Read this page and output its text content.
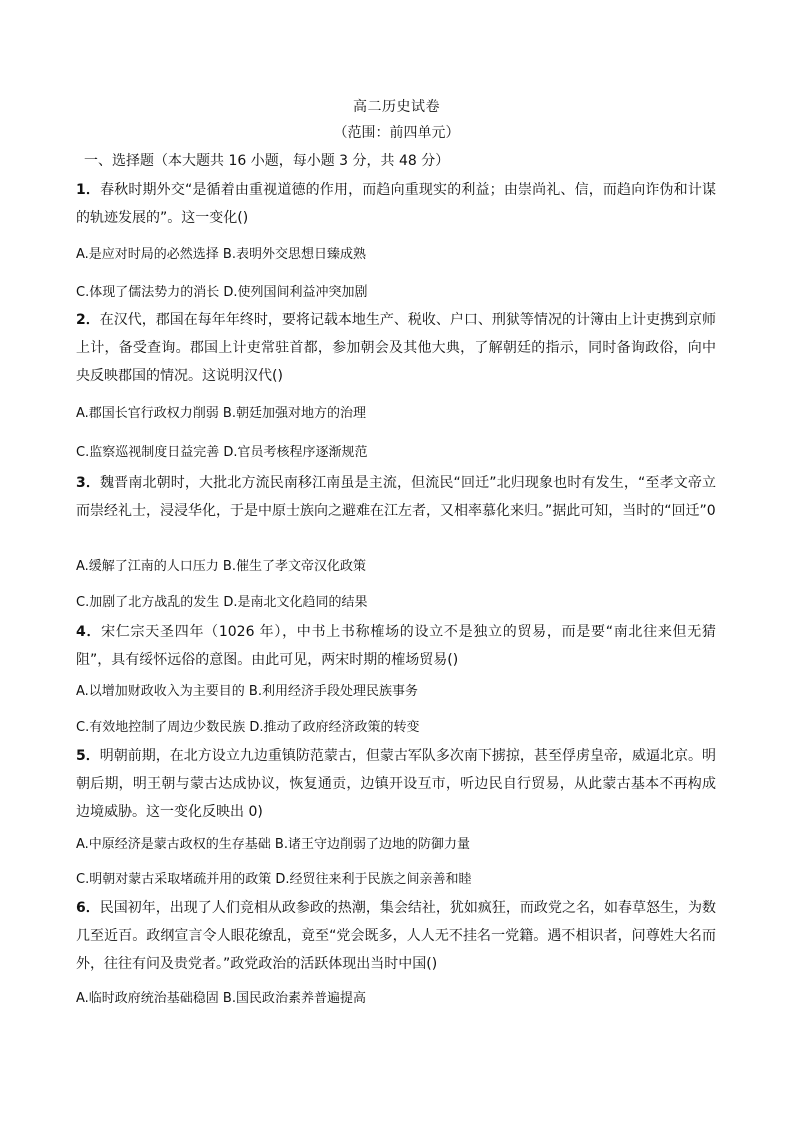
高二历史试卷
（范围：前四单元）
一、选择题（本大题共 16 小题，每小题 3 分，共 48 分）
1．春秋时期外交“是循着由重视道德的作用，而趋向重现实的利益；由崇尚礼、信，而趋向诈伪和计谋的轨迹发展的”。这一变化()
A.是应对时局的必然选择 B.表明外交思想日臻成熟
C.体现了儒法势力的消长 D.使列国间利益冲突加剧
2．在汉代，郡国在每年年终时，要将记载本地生产、税收、户口、刑狱等情况的计簿由上计吏携到京师上计，备受查询。郡国上计吏常驻首都，参加朝会及其他大典，了解朝廷的指示，同时备询政俗，向中央反映郡国的情况。这说明汉代()
A.郡国长官行政权力削弱 B.朝廷加强对地方的治理
C.监察巡视制度日益完善 D.官员考核程序逐渐规范
3．魏晋南北朝时，大批北方流民南移江南虽是主流，但流民“回迁”北归现象也时有发生，“至孝文帝立而崇经礼士，浸浸华化，于是中原士族向之避难在江左者，又相率慕化来归。”据此可知，当时的“回迁”0
A.缓解了江南的人口压力 B.催生了孝文帝汉化政策
C.加剧了北方战乱的发生 D.是南北文化趋同的结果
4．宋仁宗天圣四年（1026 年），中书上书称榷场的设立不是独立的贸易，而是要“南北往来但无猜阻”，具有绥怀远俗的意图。由此可见，两宋时期的榷场贸易()
A.以增加财政收入为主要目的 B.利用经济手段处理民族事务
C.有效地控制了周边少数民族 D.推动了政府经济政策的转变
5．明朝前期，在北方设立九边重镇防范蒙古，但蒙古军队多次南下掳掠，甚至俘虏皇帝，威逼北京。明朝后期，明王朝与蒙古达成协议，恢复通贡，边镇开设互市，听边民自行贸易，从此蒙古基本不再构成边境威胁。这一变化反映出 0)
A.中原经济是蒙古政权的生存基础 B.诸王守边削弱了边地的防御力量
C.明朝对蒙古采取堵疏并用的政策 D.经贸往来利于民族之间亲善和睦
6．民国初年，出现了人们竞相从政参政的热潮，集会结社，犹如疯狂，而政党之名，如春草怒生，为数几至近百。政纲宣言令人眼花缭乱，竟至“党会既多，人人无不挂名一党籍。遇不相识者，问尊姓大名而外，往往有问及贵党者。”政党政治的活跃体现出当时中国()
A.临时政府统治基础稳固 B.国民政治素养普遍提高
